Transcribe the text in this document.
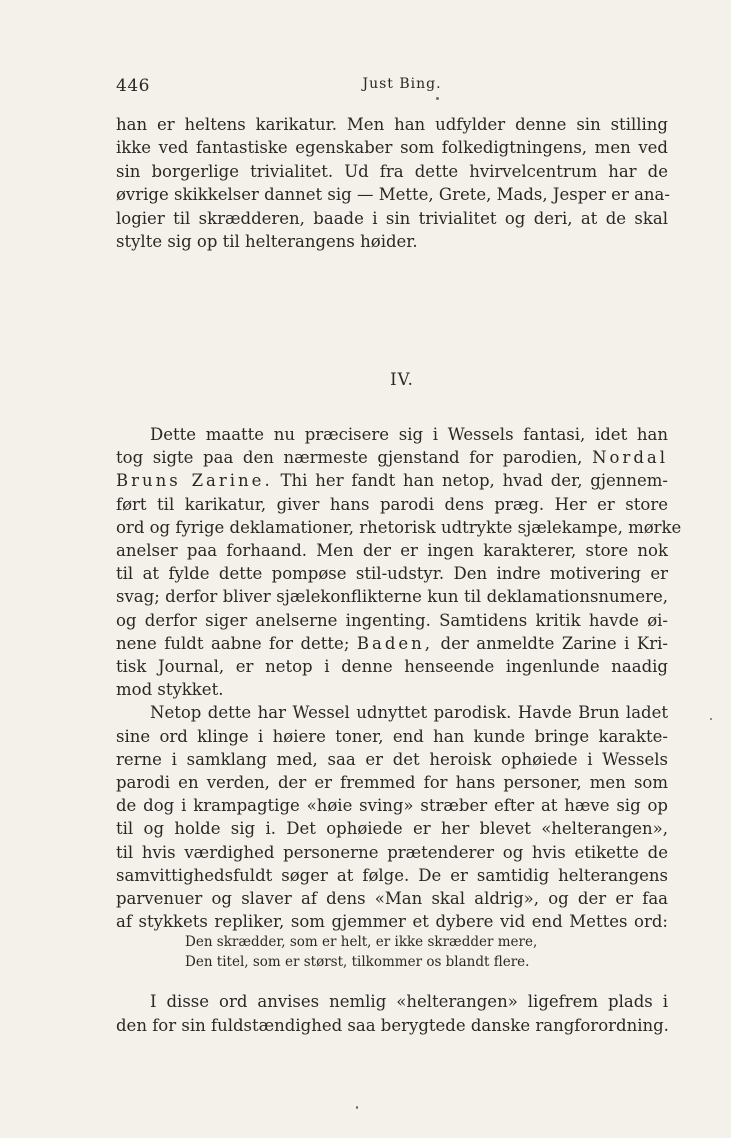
446	Just Bing.
han er heltens karikatur. Men han udfylder denne sin stilling
ikke ved fantastiske egenskaber som folkedigtningens, men ved
sin borgerlige trivialitet. Ud fra dette hvirvelcentrum har de
øvrige skikkelser dannet sig — Mette, Grete, Mads, Jesper er ana-
logier til skrædderen, baade i sin trivialitet og deri, at de skal
stylte sig op til helterangens høider.
IV.
Dette maatte nu præcisere sig i Wessels fantasi, idet han
tog sigte paa den nærmeste gjenstand for parodien, Nordal
Bruns Zarine. Thi her fandt han netop, hvad der, gjennem-
ført til karikatur, giver hans parodi dens præg. Her er store
ord og fyrige deklamationer, rhetorisk udtrykte sjælekampe, mørke
anelser paa forhaand. Men der er ingen karakterer, store nok
til at fylde dette pompøse stil-udstyr. Den indre motivering er
svag; derfor bliver sjælekonflikterne kun til deklamationsnumere,
og derfor siger anelserne ingenting. Samtidens kritik havde øi-
nene fuldt aabne for dette; Baden, der anmeldte Zarine i Kri-
tisk Journal, er netop i denne henseende ingenlunde naadig
mod stykket.
Netop dette har Wessel udnyttet parodisk. Havde Brun ladet
sine ord klinge i høiere toner, end han kunde bringe karakte-
rerne i samklang med, saa er det heroisk ophøiede i Wessels
parodi en verden, der er fremmed for hans personer, men som
de dog i krampagtige «høie sving» stræber efter at hæve sig op
til og holde sig i. Det ophøiede er her blevet «helterangen»,
til hvis værdighed personerne prætenderer og hvis etikette de
samvittighedsfuldt søger at følge. De er samtidig helterangens
parvenuer og slaver af dens «Man skal aldrig», og der er faa
af stykkets repliker, som gjemmer et dybere vid end Mettes ord:
Den skrædder, som er helt, er ikke skrædder mere,
Den titel, som er størst, tilkommer os blandt flere.
I disse ord anvises nemlig «helterangen» ligefrem plads i
den for sin fuldstændighed saa berygtede danske rangforordning.
